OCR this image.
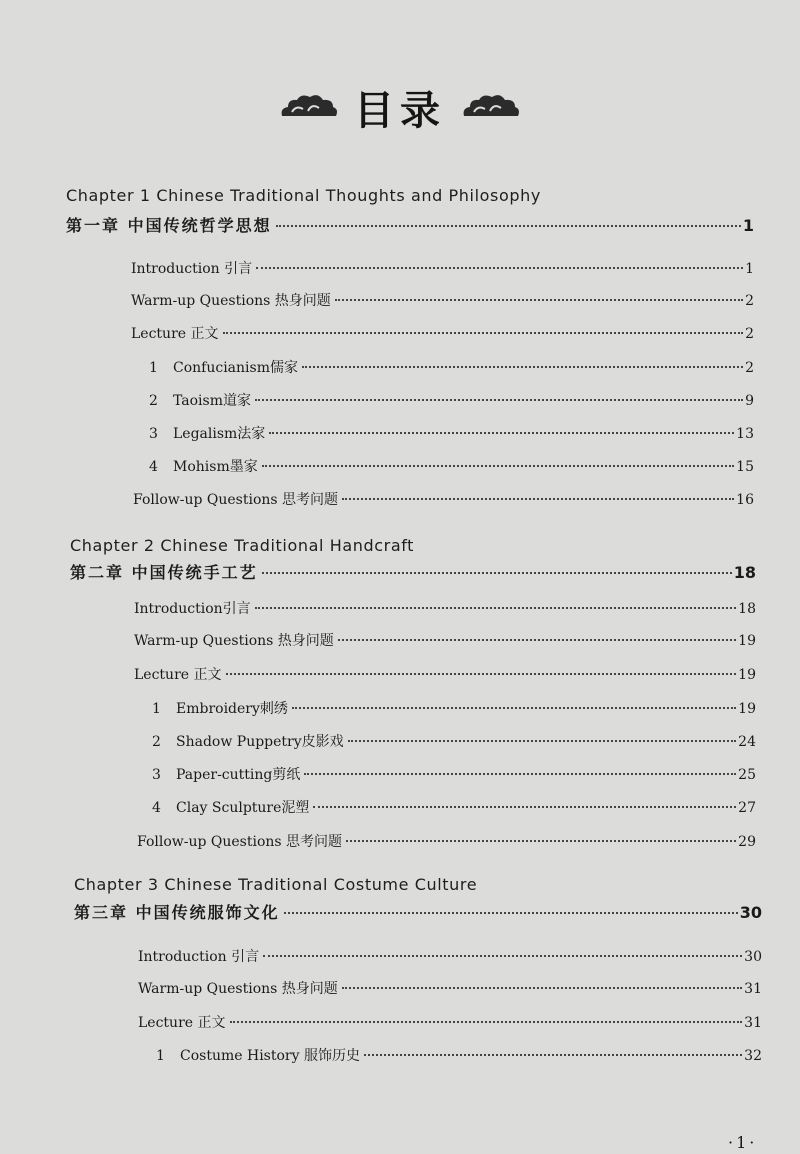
目录
Chapter 1 Chinese Traditional Thoughts and Philosophy
第一章 中国传统哲学思想	1
Introduction 引言	1
Warm-up Questions 热身问题	2
Lecture 正文	2
1 Confucianism儒家	2
2 Taoism道家	9
3 Legalism法家	13
4 Mohism墨家	15
Follow-up Questions 思考问题	16
Chapter 2 Chinese Traditional Handcraft
第二章 中国传统手工艺	18
Introduction引言	18
Warm-up Questions 热身问题	19
Lecture 正文	19
1 Embroidery刺绣	19
2 Shadow Puppetry皮影戏	24
3 Paper-cutting剪纸	25
4 Clay Sculpture泥塑	27
Follow-up Questions 思考问题	29
Chapter 3 Chinese Traditional Costume Culture
第三章 中国传统服饰文化	30
Introduction 引言	30
Warm-up Questions 热身问题	31
Lecture 正文	31
1 Costume History 服饰历史	32
·1·
